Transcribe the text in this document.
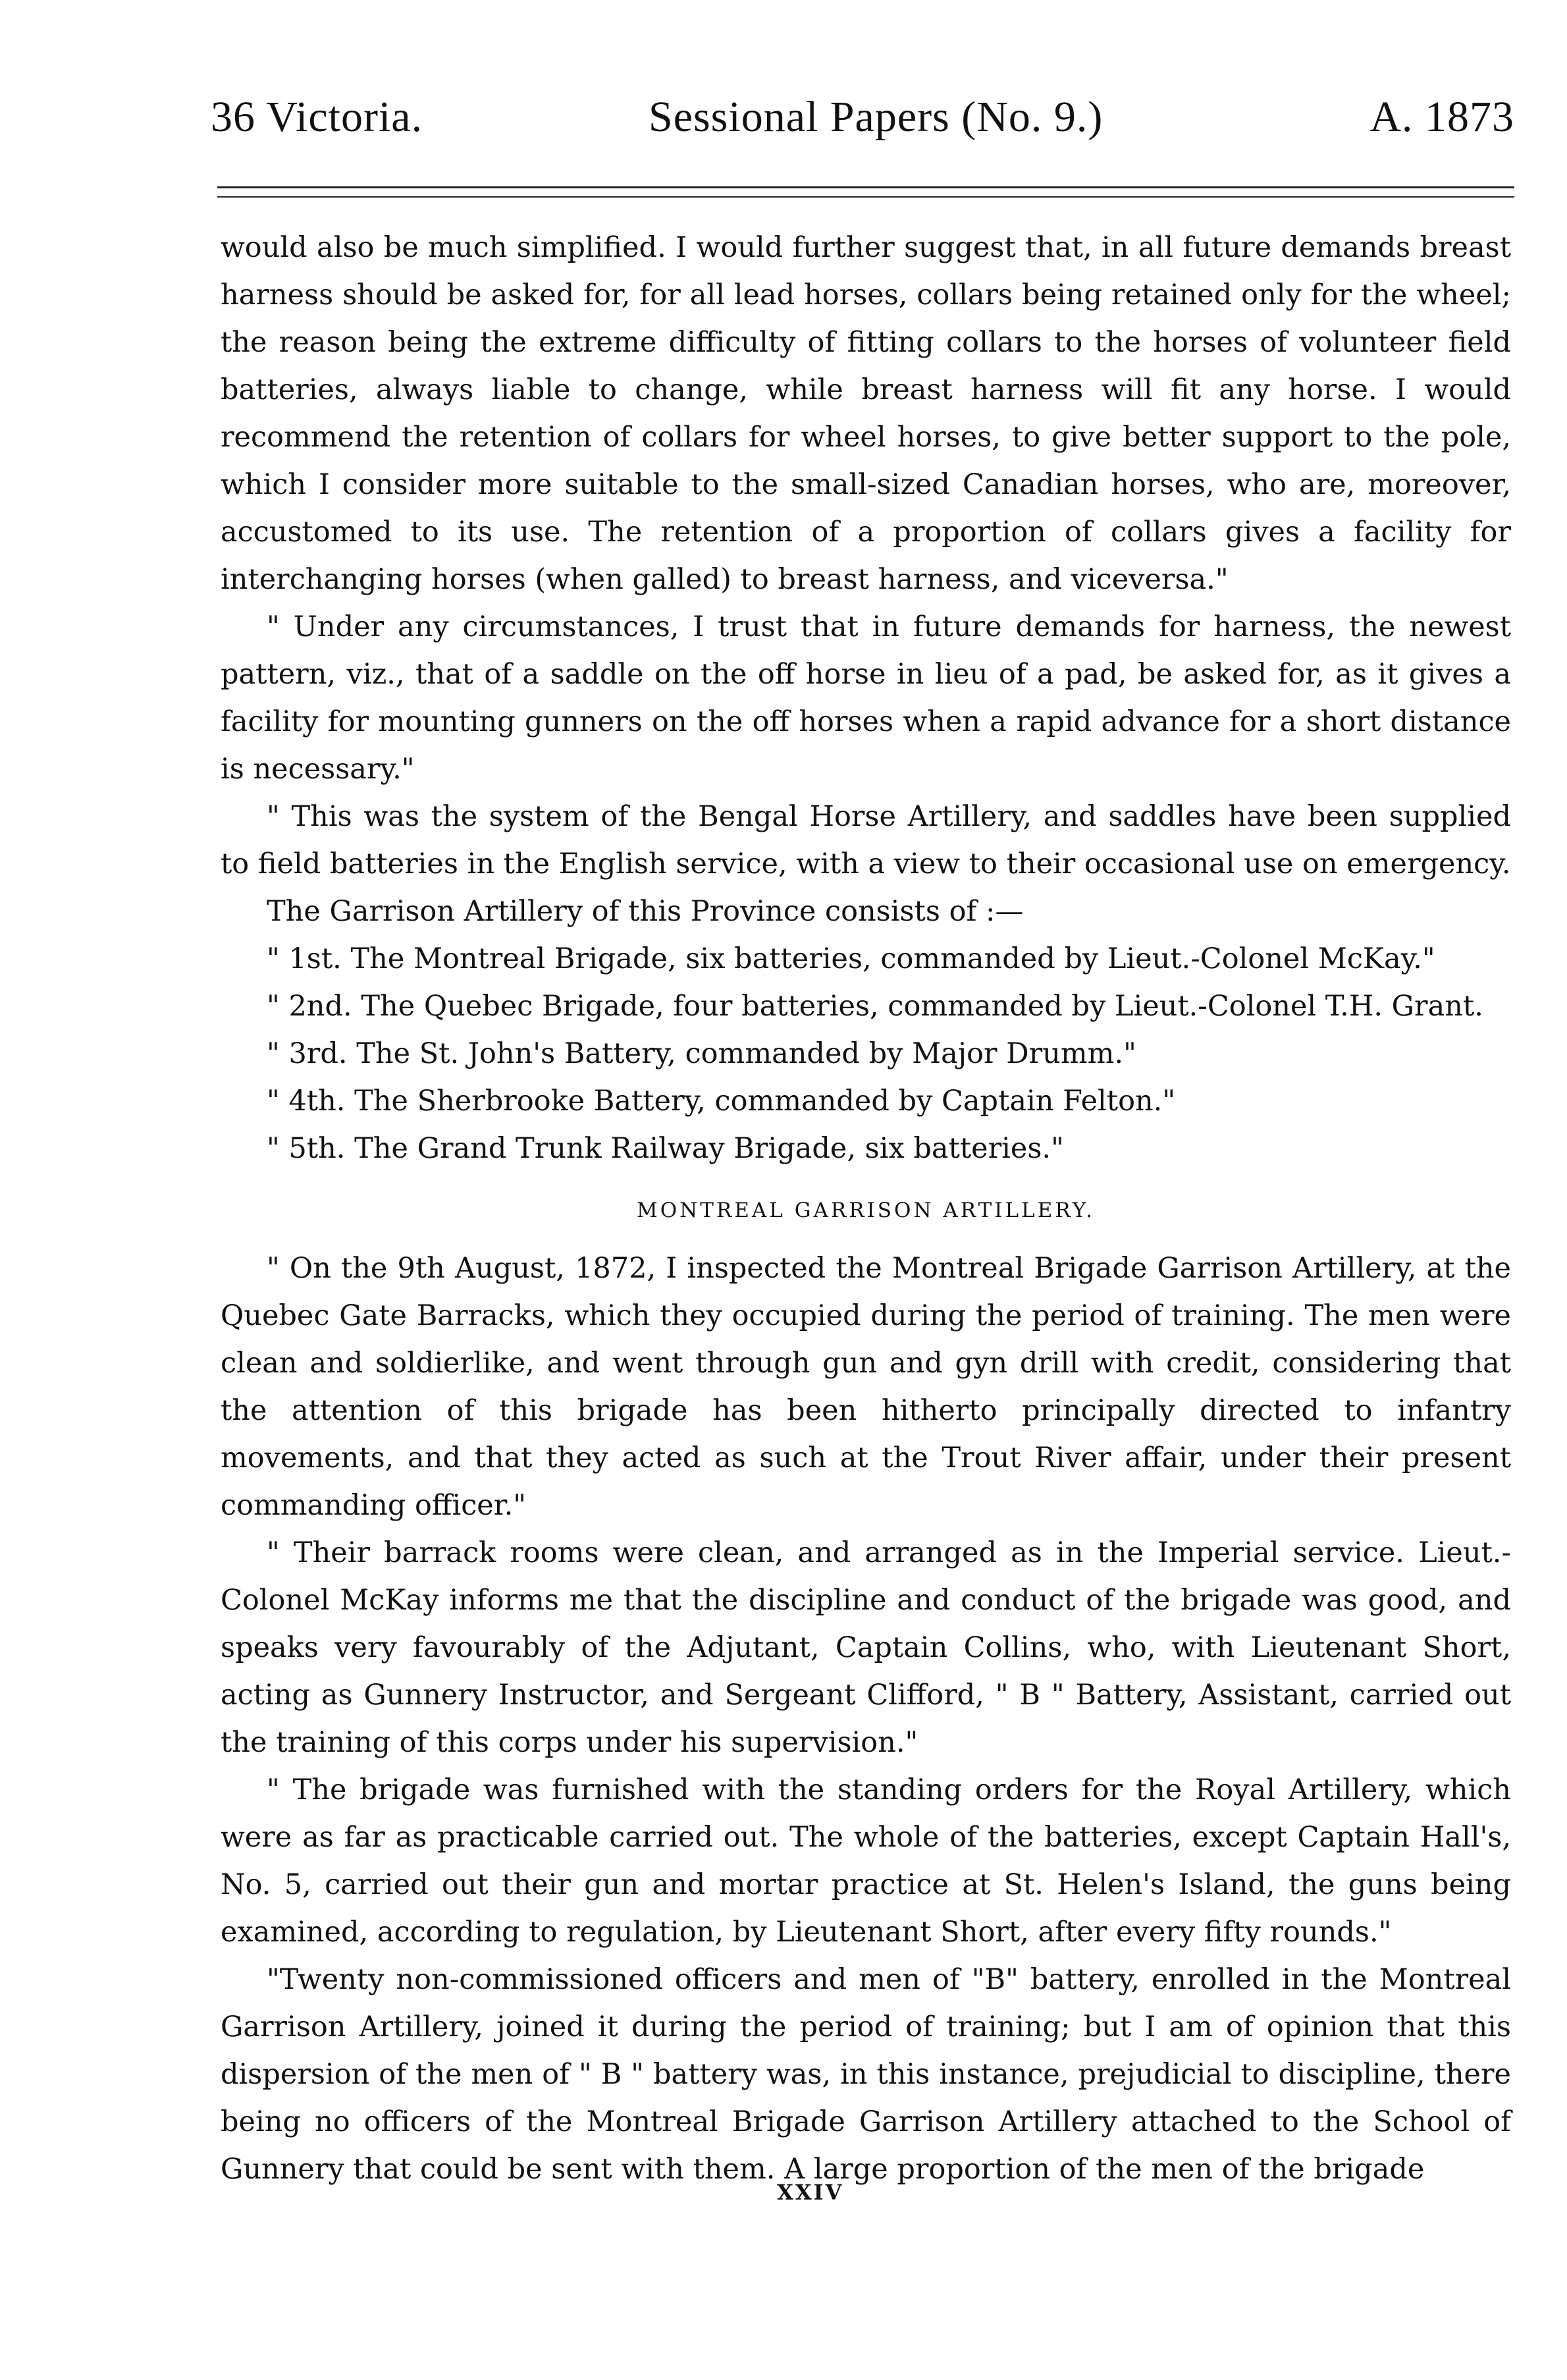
36 Victoria.	Sessional Papers (No. 9.)	A. 1873

would also be much simplified. I would further suggest that, in all future demands breast harness should be asked for, for all lead horses, collars being retained only for the wheel; the reason being the extreme difficulty of fitting collars to the horses of volunteer field batteries, always liable to change, while breast harness will fit any horse. I would recommend the retention of collars for wheel horses, to give better support to the pole, which I consider more suitable to the small-sized Canadian horses, who are, moreover, accustomed to its use. The retention of a proportion of collars gives a facility for interchanging horses (when galled) to breast harness, and viceversa."

" Under any circumstances, I trust that in future demands for harness, the newest pattern, viz., that of a saddle on the off horse in lieu of a pad, be asked for, as it gives a facility for mounting gunners on the off horses when a rapid advance for a short distance is necessary."

" This was the system of the Bengal Horse Artillery, and saddles have been supplied to field batteries in the English service, with a view to their occasional use on emergency.

The Garrison Artillery of this Province consists of :—

" 1st. The Montreal Brigade, six batteries, commanded by Lieut.-Colonel McKay."

" 2nd. The Quebec Brigade, four batteries, commanded by Lieut.-Colonel T.H. Grant.

" 3rd. The St. John's Battery, commanded by Major Drumm."

" 4th. The Sherbrooke Battery, commanded by Captain Felton."

" 5th. The Grand Trunk Railway Brigade, six batteries."

MONTREAL GARRISON ARTILLERY.

" On the 9th August, 1872, I inspected the Montreal Brigade Garrison Artillery, at the Quebec Gate Barracks, which they occupied during the period of training. The men were clean and soldierlike, and went through gun and gyn drill with credit, considering that the attention of this brigade has been hitherto principally directed to infantry movements, and that they acted as such at the Trout River affair, under their present commanding officer."

" Their barrack rooms were clean, and arranged as in the Imperial service. Lieut.-Colonel McKay informs me that the discipline and conduct of the brigade was good, and speaks very favourably of the Adjutant, Captain Collins, who, with Lieutenant Short, acting as Gunnery Instructor, and Sergeant Clifford, " B " Battery, Assistant, carried out the training of this corps under his supervision."

" The brigade was furnished with the standing orders for the Royal Artillery, which were as far as practicable carried out. The whole of the batteries, except Captain Hall's, No. 5, carried out their gun and mortar practice at St. Helen's Island, the guns being examined, according to regulation, by Lieutenant Short, after every fifty rounds."

"Twenty non-commissioned officers and men of "B" battery, enrolled in the Montreal Garrison Artillery, joined it during the period of training; but I am of opinion that this dispersion of the men of " B " battery was, in this instance, prejudicial to discipline, there being no officers of the Montreal Brigade Garrison Artillery attached to the School of Gunnery that could be sent with them. A large proportion of the men of the brigade

XXIV
